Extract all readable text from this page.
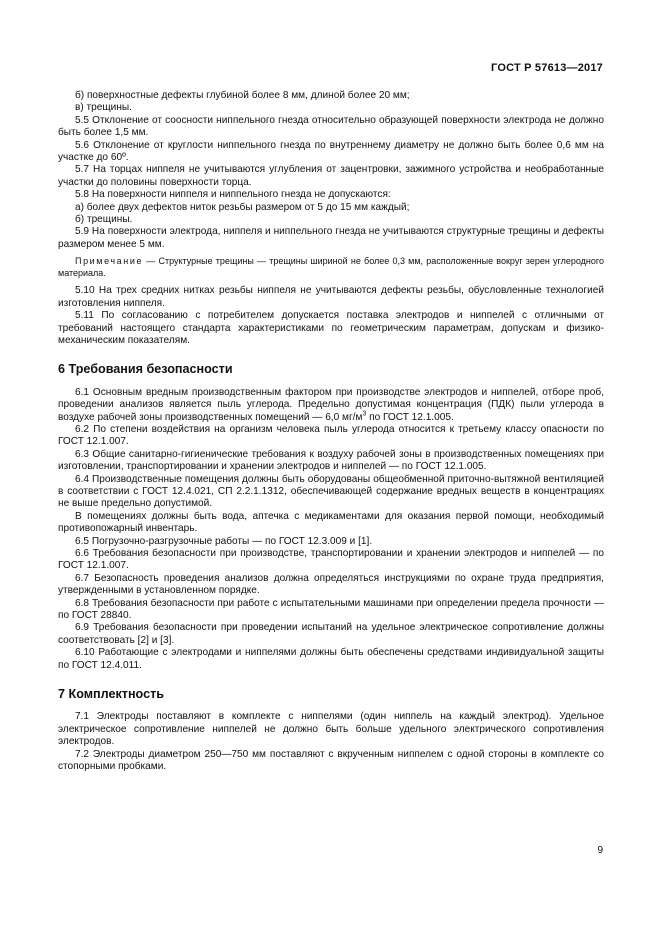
ГОСТ Р 57613—2017

б) поверхностные дефекты глубиной более 8 мм, длиной более 20 мм;

в) трещины.

5.5 Отклонение от соосности ниппельного гнезда относительно образующей поверхности электрода не должно быть более 1,5 мм.

5.6 Отклонение от круглости ниппельного гнезда по внутреннему диаметру не должно быть более 0,6 мм на участке до 60º.

5.7 На торцах ниппеля не учитываются углубления от зацентровки, зажимного устройства и необработанные участки до половины поверхности торца.

5.8 На поверхности ниппеля и ниппельного гнезда не допускаются:

а) более двух дефектов ниток резьбы размером от 5 до 15 мм каждый;

б) трещины.

5.9 На поверхности электрода, ниппеля и ниппельного гнезда не учитываются структурные трещины и дефекты размером менее 5 мм.

Примечание — Структурные трещины — трещины шириной не более 0,3 мм, расположенные вокруг зерен углеродного материала.

5.10 На трех средних нитках резьбы ниппеля не учитываются дефекты резьбы, обусловленные технологией изготовления ниппеля.

5.11 По согласованию с потребителем допускается поставка электродов и ниппелей с отличными от требований настоящего стандарта характеристиками по геометрическим параметрам, допускам и физико-механическим показателям.

6 Требования безопасности

6.1 Основным вредным производственным фактором при производстве электродов и ниппелей, отборе проб, проведении анализов является пыль углерода. Предельно допустимая концентрация (ПДК) пыли углерода в воздухе рабочей зоны производственных помещений — 6,0 $мг/м^3$ по ГОСТ 12.1.005.

6.2 По степени воздействия на организм человека пыль углерода относится к третьему классу опасности по ГОСТ 12.1.007.

6.3 Общие санитарно-гигиенические требования к воздуху рабочей зоны в производственных помещениях при изготовлении, транспортировании и хранении электродов и ниппелей — по ГОСТ 12.1.005.

6.4 Производственные помещения должны быть оборудованы общеобменной приточно-вытяжной вентиляцией в соответствии с ГОСТ 12.4.021, СП 2.2.1.1312, обеспечивающей содержание вредных веществ в концентрациях не выше предельно допустимой.

В помещениях должны быть вода, аптечка с медикаментами для оказания первой помощи, необходимый противопожарный инвентарь.

6.5 Погрузочно-разгрузочные работы — по ГОСТ 12.3.009 и [1].

6.6 Требования безопасности при производстве, транспортировании и хранении электродов и ниппелей — по ГОСТ 12.1.007.

6.7 Безопасность проведения анализов должна определяться инструкциями по охране труда предприятия, утвержденными в установленном порядке.

6.8 Требования безопасности при работе с испытательными машинами при определении предела прочности — по ГОСТ 28840.

6.9 Требования безопасности при проведении испытаний на удельное электрическое сопротивление должны соответствовать [2] и [3].

6.10 Работающие с электродами и ниппелями должны быть обеспечены средствами индивидуальной защиты по ГОСТ 12.4.011.

7 Комплектность

7.1 Электроды поставляют в комплекте с ниппелями (один ниппель на каждый электрод). Удельное электрическое сопротивление ниппелей не должно быть больше удельного электрического сопротивления электродов.

7.2 Электроды диаметром 250—750 мм поставляют с вкрученным ниппелем с одной стороны в комплекте со стопорными пробками.

9
